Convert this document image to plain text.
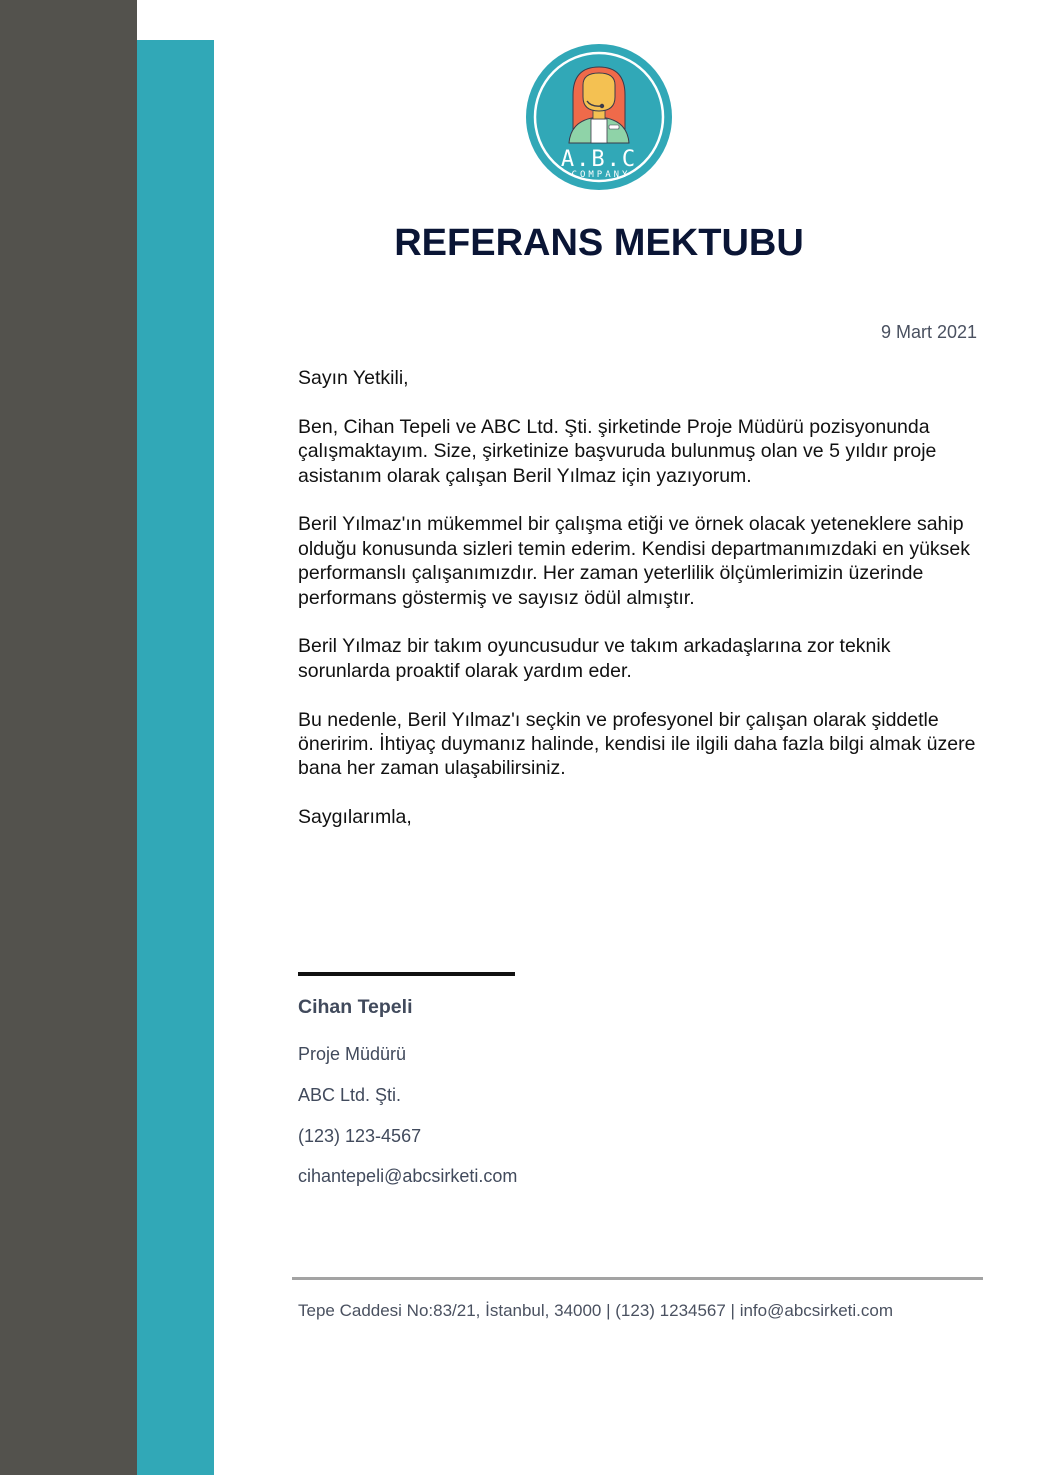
A.B.C
COMPANY
REFERANS MEKTUBU
9 Mart 2021

Sayın Yetkili,

Ben, Cihan Tepeli ve ABC Ltd. Şti. şirketinde Proje Müdürü pozisyonunda çalışmaktayım. Size, şirketinize başvuruda bulunmuş olan ve 5 yıldır proje asistanım olarak çalışan Beril Yılmaz için yazıyorum.

Beril Yılmaz'ın mükemmel bir çalışma etiği ve örnek olacak yeteneklere sahip olduğu konusunda sizleri temin ederim. Kendisi departmanımızdaki en yüksek performanslı çalışanımızdır. Her zaman yeterlilik ölçümlerimizin üzerinde performans göstermiş ve sayısız ödül almıştır.

Beril Yılmaz bir takım oyuncusudur ve takım arkadaşlarına zor teknik sorunlarda proaktif olarak yardım eder.

Bu nedenle, Beril Yılmaz'ı seçkin ve profesyonel bir çalışan olarak şiddetle öneririm. İhtiyaç duymanız halinde, kendisi ile ilgili daha fazla bilgi almak üzere bana her zaman ulaşabilirsiniz.

Saygılarımla,

Cihan Tepeli
Proje Müdürü
ABC Ltd. Şti.
(123) 123-4567
cihantepeli@abcsirketi.com
Tepe Caddesi No:83/21, İstanbul, 34000 | (123) 1234567 | info@abcsirketi.com
